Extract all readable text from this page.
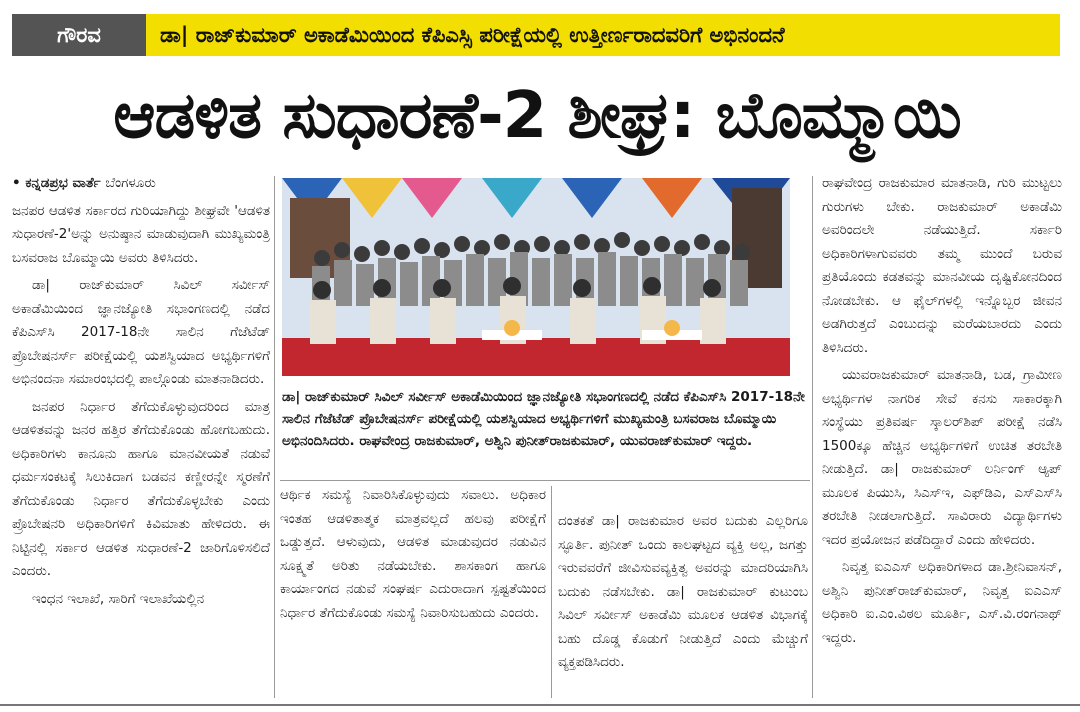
ಗೌರವ	ಡಾ| ರಾಜ್‌ಕುಮಾರ್ ಅಕಾಡೆಮಿಯಿಂದ ಕೆಪಿಎಸ್ಸಿ ಪರೀಕ್ಷೆಯಲ್ಲಿ ಉತ್ತೀರ್ಣರಾದವರಿಗೆ ಅಭಿನಂದನೆ
ಆಡಳಿತ ಸುಧಾರಣೆ-2 ಶೀಘ್ರ: ಬೊಮ್ಮಾಯಿ

• ಕನ್ನಡಪ್ರಭ ವಾರ್ತೆ ಬೆಂಗಳೂರು

ಜನಪರ ಆಡಳಿತ ಸರ್ಕಾರದ ಗುರಿಯಾಗಿದ್ದು ಶೀಘ್ರವೇ 'ಆಡಳಿತ ಸುಧಾರಣೆ-2'ಅನ್ನು ಅನುಷ್ಠಾನ ಮಾಡುವುದಾಗಿ ಮುಖ್ಯಮಂತ್ರಿ ಬಸವರಾಜ ಬೊಮ್ಮಾಯಿ ಅವರು ತಿಳಿಸಿದರು.

ಡಾ| ರಾಜ್‌ಕುಮಾರ್ ಸಿವಿಲ್ ಸರ್ವೀಸ್ ಅಕಾಡೆಮಿಯಿಂದ ಜ್ಞಾನಜ್ಯೋತಿ ಸಭಾಂಗಣದಲ್ಲಿ ನಡೆದ ಕೆಪಿಎಸ್‌ಸಿ 2017-18ನೇ ಸಾಲಿನ ಗೆಜೆಟೆಡ್ ಪ್ರೊಬೇಷನರ್ಸ್ ಪರೀಕ್ಷೆಯಲ್ಲಿ ಯಶಸ್ವಿಯಾದ ಅಭ್ಯರ್ಥಿಗಳಿಗೆ ಅಭಿನಂದನಾ ಸಮಾರಂಭದಲ್ಲಿ ಪಾಲ್ಗೊಂಡು ಮಾತನಾಡಿದರು.

ಜನಪರ ನಿರ್ಧಾರ ತೆಗೆದುಕೊಳ್ಳುವುದರಿಂದ ಮಾತ್ರ ಆಡಳಿತವನ್ನು ಜನರ ಹತ್ತಿರ ತೆಗೆದುಕೊಂಡು ಹೋಗಬಹುದು. ಅಧಿಕಾರಿಗಳು ಕಾನೂನು ಹಾಗೂ ಮಾನವೀಯತೆ ನಡುವೆ ಧರ್ಮಸಂಕಟಕ್ಕೆ ಸಿಲುಕಿದಾಗ ಬಡವನ ಕಣ್ಣೀರನ್ನೇ ಸ್ಮರಣೆಗೆ ತೆಗೆದುಕೊಂಡು ನಿರ್ಧಾರ ತೆಗೆದುಕೊಳ್ಳಬೇಕು ಎಂದು ಪ್ರೊಬೇಷನರಿ ಅಧಿಕಾರಿಗಳಿಗೆ ಕಿವಿಮಾತು ಹೇಳಿದರು. ಈ ನಿಟ್ಟಿನಲ್ಲಿ ಸರ್ಕಾರ ಆಡಳಿತ ಸುಧಾರಣೆ-2 ಜಾರಿಗೊಳಿಸಲಿದೆ ಎಂದರು.

ಇಂಧನ ಇಲಾಖೆ, ಸಾರಿಗೆ ಇಲಾಖೆಯಲ್ಲಿನ

ಡಾ| ರಾಜ್‌ಕುಮಾರ್ ಸಿವಿಲ್ ಸರ್ವೀಸ್ ಅಕಾಡೆಮಿಯಿಂದ ಜ್ಞಾನಜ್ಯೋತಿ ಸಭಾಂಗಣದಲ್ಲಿ ನಡೆದ ಕೆಪಿಎಸ್‌ಸಿ 2017-18ನೇ ಸಾಲಿನ ಗೆಜೆಟೆಡ್ ಪ್ರೊಬೇಷನರ್ಸ್ ಪರೀಕ್ಷೆಯಲ್ಲಿ ಯಶಸ್ವಿಯಾದ ಅಭ್ಯರ್ಥಿಗಳಿಗೆ ಮುಖ್ಯಮಂತ್ರಿ ಬಸವರಾಜ ಬೊಮ್ಮಾಯಿ ಅಭಿನಂದಿಸಿದರು. ರಾಘವೇಂದ್ರ ರಾಜಕುಮಾರ್, ಅಶ್ವಿನಿ ಪುನೀತ್‌ರಾಜಕುಮಾರ್, ಯುವರಾಜ್‌ಕುಮಾರ್ ಇದ್ದರು.

ಆರ್ಥಿಕ ಸಮಸ್ಯೆ ನಿವಾರಿಸಿಕೊಳ್ಳುವುದು ಸವಾಲು. ಅಧಿಕಾರ ಇಂತಹ ಆಡಳಿತಾತ್ಮಕ ಮಾತ್ರವಲ್ಲದೆ ಹಲವು ಪರೀಕ್ಷೆಗೆ ಒಡ್ಡುತ್ತದೆ. ಆಳುವುದು, ಆಡಳಿತ ಮಾಡುವುದರ ನಡುವಿನ ಸೂಕ್ಷ್ಮತೆ ಅರಿತು ನಡೆಯಬೇಕು. ಶಾಸಕಾಂಗ ಹಾಗೂ ಕಾರ್ಯಾಂಗದ ನಡುವೆ ಸಂಘರ್ಷ ಎದುರಾದಾಗ ಸ್ಪಷ್ಟತೆಯಿಂದ ನಿರ್ಧಾರ ತೆಗೆದುಕೊಂಡು ಸಮಸ್ಯೆ ನಿವಾರಿಸುಬಹುದು ಎಂದರು.

ದಂತಕತೆ ಡಾ| ರಾಜಕುಮಾರ ಅವರ ಬದುಕು ಎಲ್ಲರಿಗೂ ಸ್ಫೂರ್ತಿ. ಪುನೀತ್ ಒಂದು ಕಾಲಘಟ್ಟದ ವ್ಯಕ್ತಿ ಅಲ್ಲ, ಜಗತ್ತು ಇರುವವರೆಗೆ ಜೀವಿಸುವವ್ಯಕ್ತಿತ್ವ ಅವರನ್ನು ಮಾದರಿಯಾಗಿಸಿ ಬದುಕು ನಡೆಸಬೇಕು. ಡಾ| ರಾಜಕುಮಾರ್ ಕುಟುಂಬ ಸಿವಿಲ್ ಸರ್ವೀಸ್ ಅಕಾಡೆಮಿ ಮೂಲಕ ಆಡಳಿತ ವಿಭಾಗಕ್ಕೆ ಬಹು ದೊಡ್ಡ ಕೊಡುಗೆ ನೀಡುತ್ತಿದೆ ಎಂದು ಮೆಚ್ಚುಗೆ ವ್ಯಕ್ತಪಡಿಸಿದರು.

ರಾಘವೇಂದ್ರ ರಾಜಕುಮಾರ ಮಾತನಾಡಿ, ಗುರಿ ಮುಟ್ಟಲು ಗುರುಗಳು ಬೇಕು. ರಾಜಕುಮಾರ್ ಅಕಾಡೆಮಿ ಅವರಿಂದಲೇ ನಡೆಯುತ್ತಿದೆ. ಸರ್ಕಾರಿ ಅಧಿಕಾರಿಗಳಾಗುವವರು ತಮ್ಮ ಮುಂದೆ ಬರುವ ಪ್ರತಿಯೊಂದು ಕಡತವನ್ನು ಮಾನವೀಯ ದೃಷ್ಟಿಕೋನದಿಂದ ನೋಡಬೇಕು. ಆ ಫೈಲ್‌ಗಳಲ್ಲಿ ಇನ್ನೊಬ್ಬರ ಜೀವನ ಅಡಗಿರುತ್ತದೆ ಎಂಬುದನ್ನು ಮರೆಯಬಾರದು ಎಂದು ತಿಳಿಸಿದರು.

ಯುವರಾಜಕುಮಾರ್ ಮಾತನಾಡಿ, ಬಡ, ಗ್ರಾಮೀಣ ಅಭ್ಯರ್ಥಿಗಳ ನಾಗರಿಕ ಸೇವೆ ಕನಸು ಸಾಕಾರಕ್ಕಾಗಿ ಸಂಸ್ಥೆಯು ಪ್ರತಿವರ್ಷ ಸ್ಕಾಲರ್‌ಶಿಪ್ ಪರೀಕ್ಷೆ ನಡೆಸಿ 1500ಕ್ಕೂ ಹೆಚ್ಚಿನ ಅಭ್ಯರ್ಥಿಗಳಿಗೆ ಉಚಿತ ತರಬೇತಿ ನೀಡುತ್ತಿದೆ. ಡಾ| ರಾಜಕುಮಾರ್ ಲರ್ನಿಂಗ್ ಆ್ಯಪ್ ಮೂಲಕ ಪಿಯುಸಿ, ಸಿಎಸ್‌ಇ, ಎಫ್‌ಡಿಎ, ಎಸ್‌ಎಸ್‌ಸಿ ತರಬೇತಿ ನೀಡಲಾಗುತ್ತಿದೆ. ಸಾವಿರಾರು ವಿದ್ಯಾರ್ಥಿಗಳು ಇದರ ಪ್ರಯೋಜನ ಪಡೆದಿದ್ದಾರೆ ಎಂದು ಹೇಳಿದರು.

ನಿವೃತ್ತ ಐಎಎಸ್ ಅಧಿಕಾರಿಗಳಾದ ಡಾ.ಶ್ರೀನಿವಾಸನ್, ಅಶ್ವಿನಿ ಪುನೀತ್‌ರಾಜ್‌ಕುಮಾರ್, ನಿವೃತ್ತ ಐಎಎಸ್ ಅಧಿಕಾರಿ ಐ.ಎಂ.ವಿಠಲ ಮೂರ್ತಿ, ಎಸ್.ವಿ.ರಂಗನಾಥ್ ಇದ್ದರು.
